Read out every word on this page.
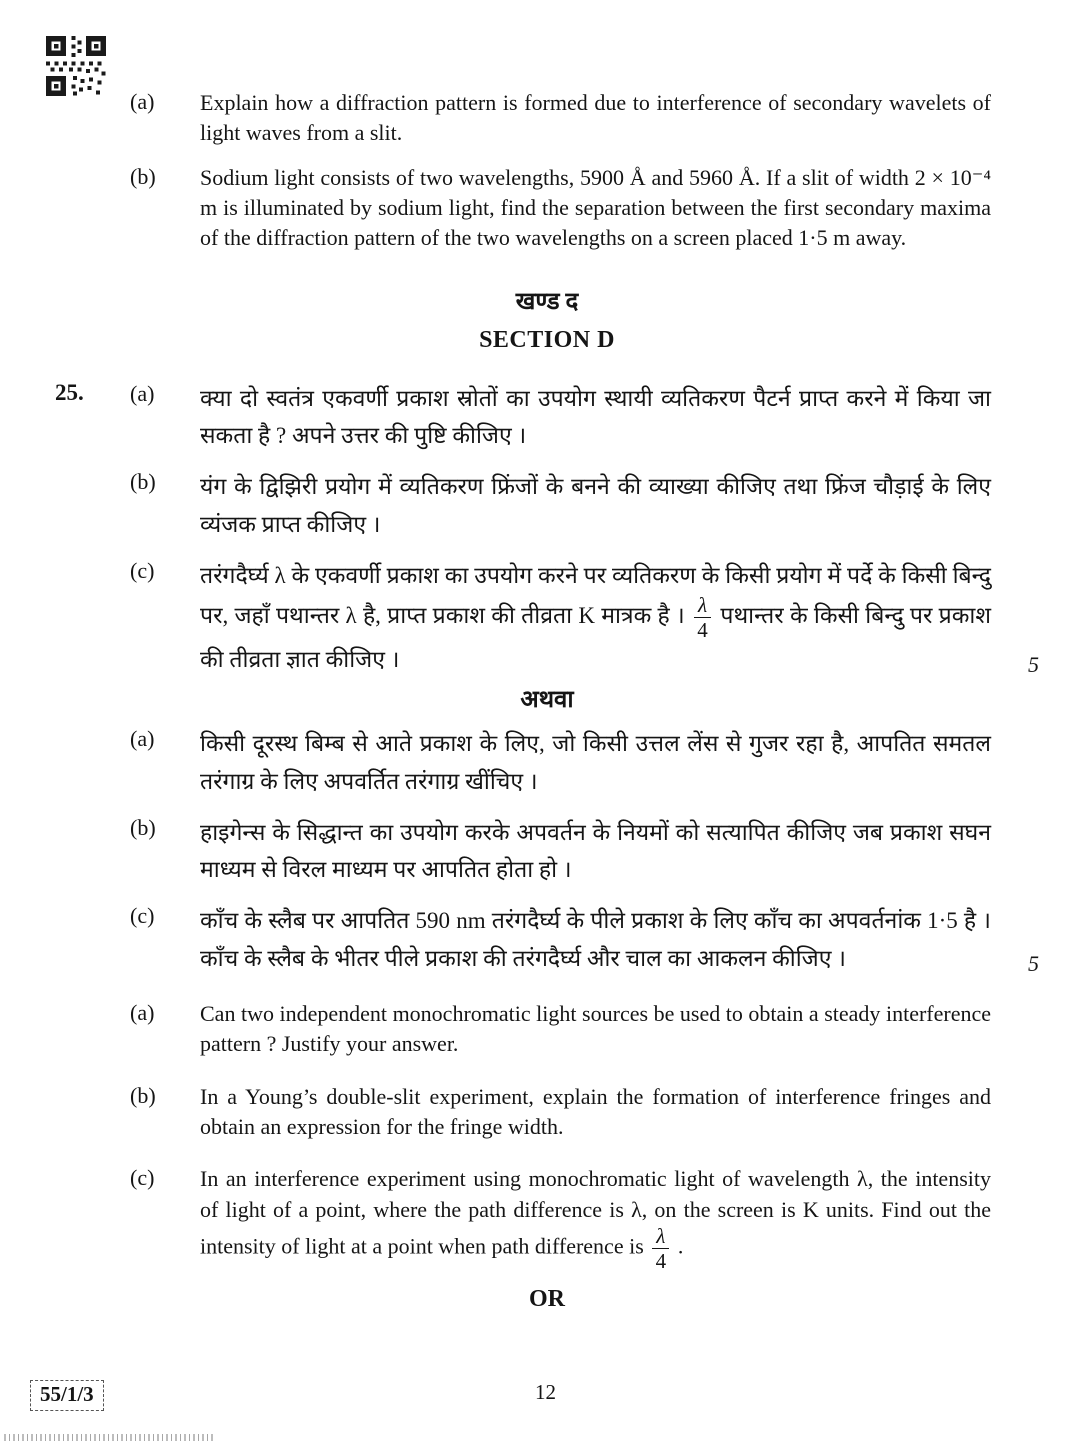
(a)	Explain how a diffraction pattern is formed due to interference of secondary wavelets of light waves from a slit.
(b)	Sodium light consists of two wavelengths, 5900 Å and 5960 Å. If a slit of width 2 × 10⁻⁴ m is illuminated by sodium light, find the separation between the first secondary maxima of the diffraction pattern of the two wavelengths on a screen placed 1·5 m away.
खण्ड द
SECTION D
25.	(a)	क्या दो स्वतंत्र एकवर्णी प्रकाश स्रोतों का उपयोग स्थायी व्यतिकरण पैटर्न प्राप्त करने में किया जा सकता है ? अपने उत्तर की पुष्टि कीजिए ।
(b)	यंग के द्विझिरी प्रयोग में व्यतिकरण फ्रिंजों के बनने की व्याख्या कीजिए तथा फ्रिंज चौड़ाई के लिए व्यंजक प्राप्त कीजिए ।
(c)	तरंगदैर्घ्य λ के एकवर्णी प्रकाश का उपयोग करने पर व्यतिकरण के किसी प्रयोग में पर्दे के किसी बिन्दु पर, जहाँ पथान्तर λ है, प्राप्त प्रकाश की तीव्रता K मात्रक है । $\frac{\lambda}{4}$ पथान्तर के किसी बिन्दु पर प्रकाश की तीव्रता ज्ञात कीजिए ।	5
अथवा
(a)	किसी दूरस्थ बिम्ब से आते प्रकाश के लिए, जो किसी उत्तल लेंस से गुजर रहा है, आपतित समतल तरंगाग्र के लिए अपवर्तित तरंगाग्र खींचिए ।
(b)	हाइगेन्स के सिद्धान्त का उपयोग करके अपवर्तन के नियमों को सत्यापित कीजिए जब प्रकाश सघन माध्यम से विरल माध्यम पर आपतित होता हो ।
(c)	काँच के स्लैब पर आपतित 590 nm तरंगदैर्घ्य के पीले प्रकाश के लिए काँच का अपवर्तनांक 1·5 है । काँच के स्लैब के भीतर पीले प्रकाश की तरंगदैर्घ्य और चाल का आकलन कीजिए ।	5
(a)	Can two independent monochromatic light sources be used to obtain a steady interference pattern ? Justify your answer.
(b)	In a Young’s double-slit experiment, explain the formation of interference fringes and obtain an expression for the fringe width.
(c)	In an interference experiment using monochromatic light of wavelength λ, the intensity of light of a point, where the path difference is λ, on the screen is K units. Find out the intensity of light at a point when path difference is $\frac{\lambda}{4}$ .
OR
55/1/3	12
